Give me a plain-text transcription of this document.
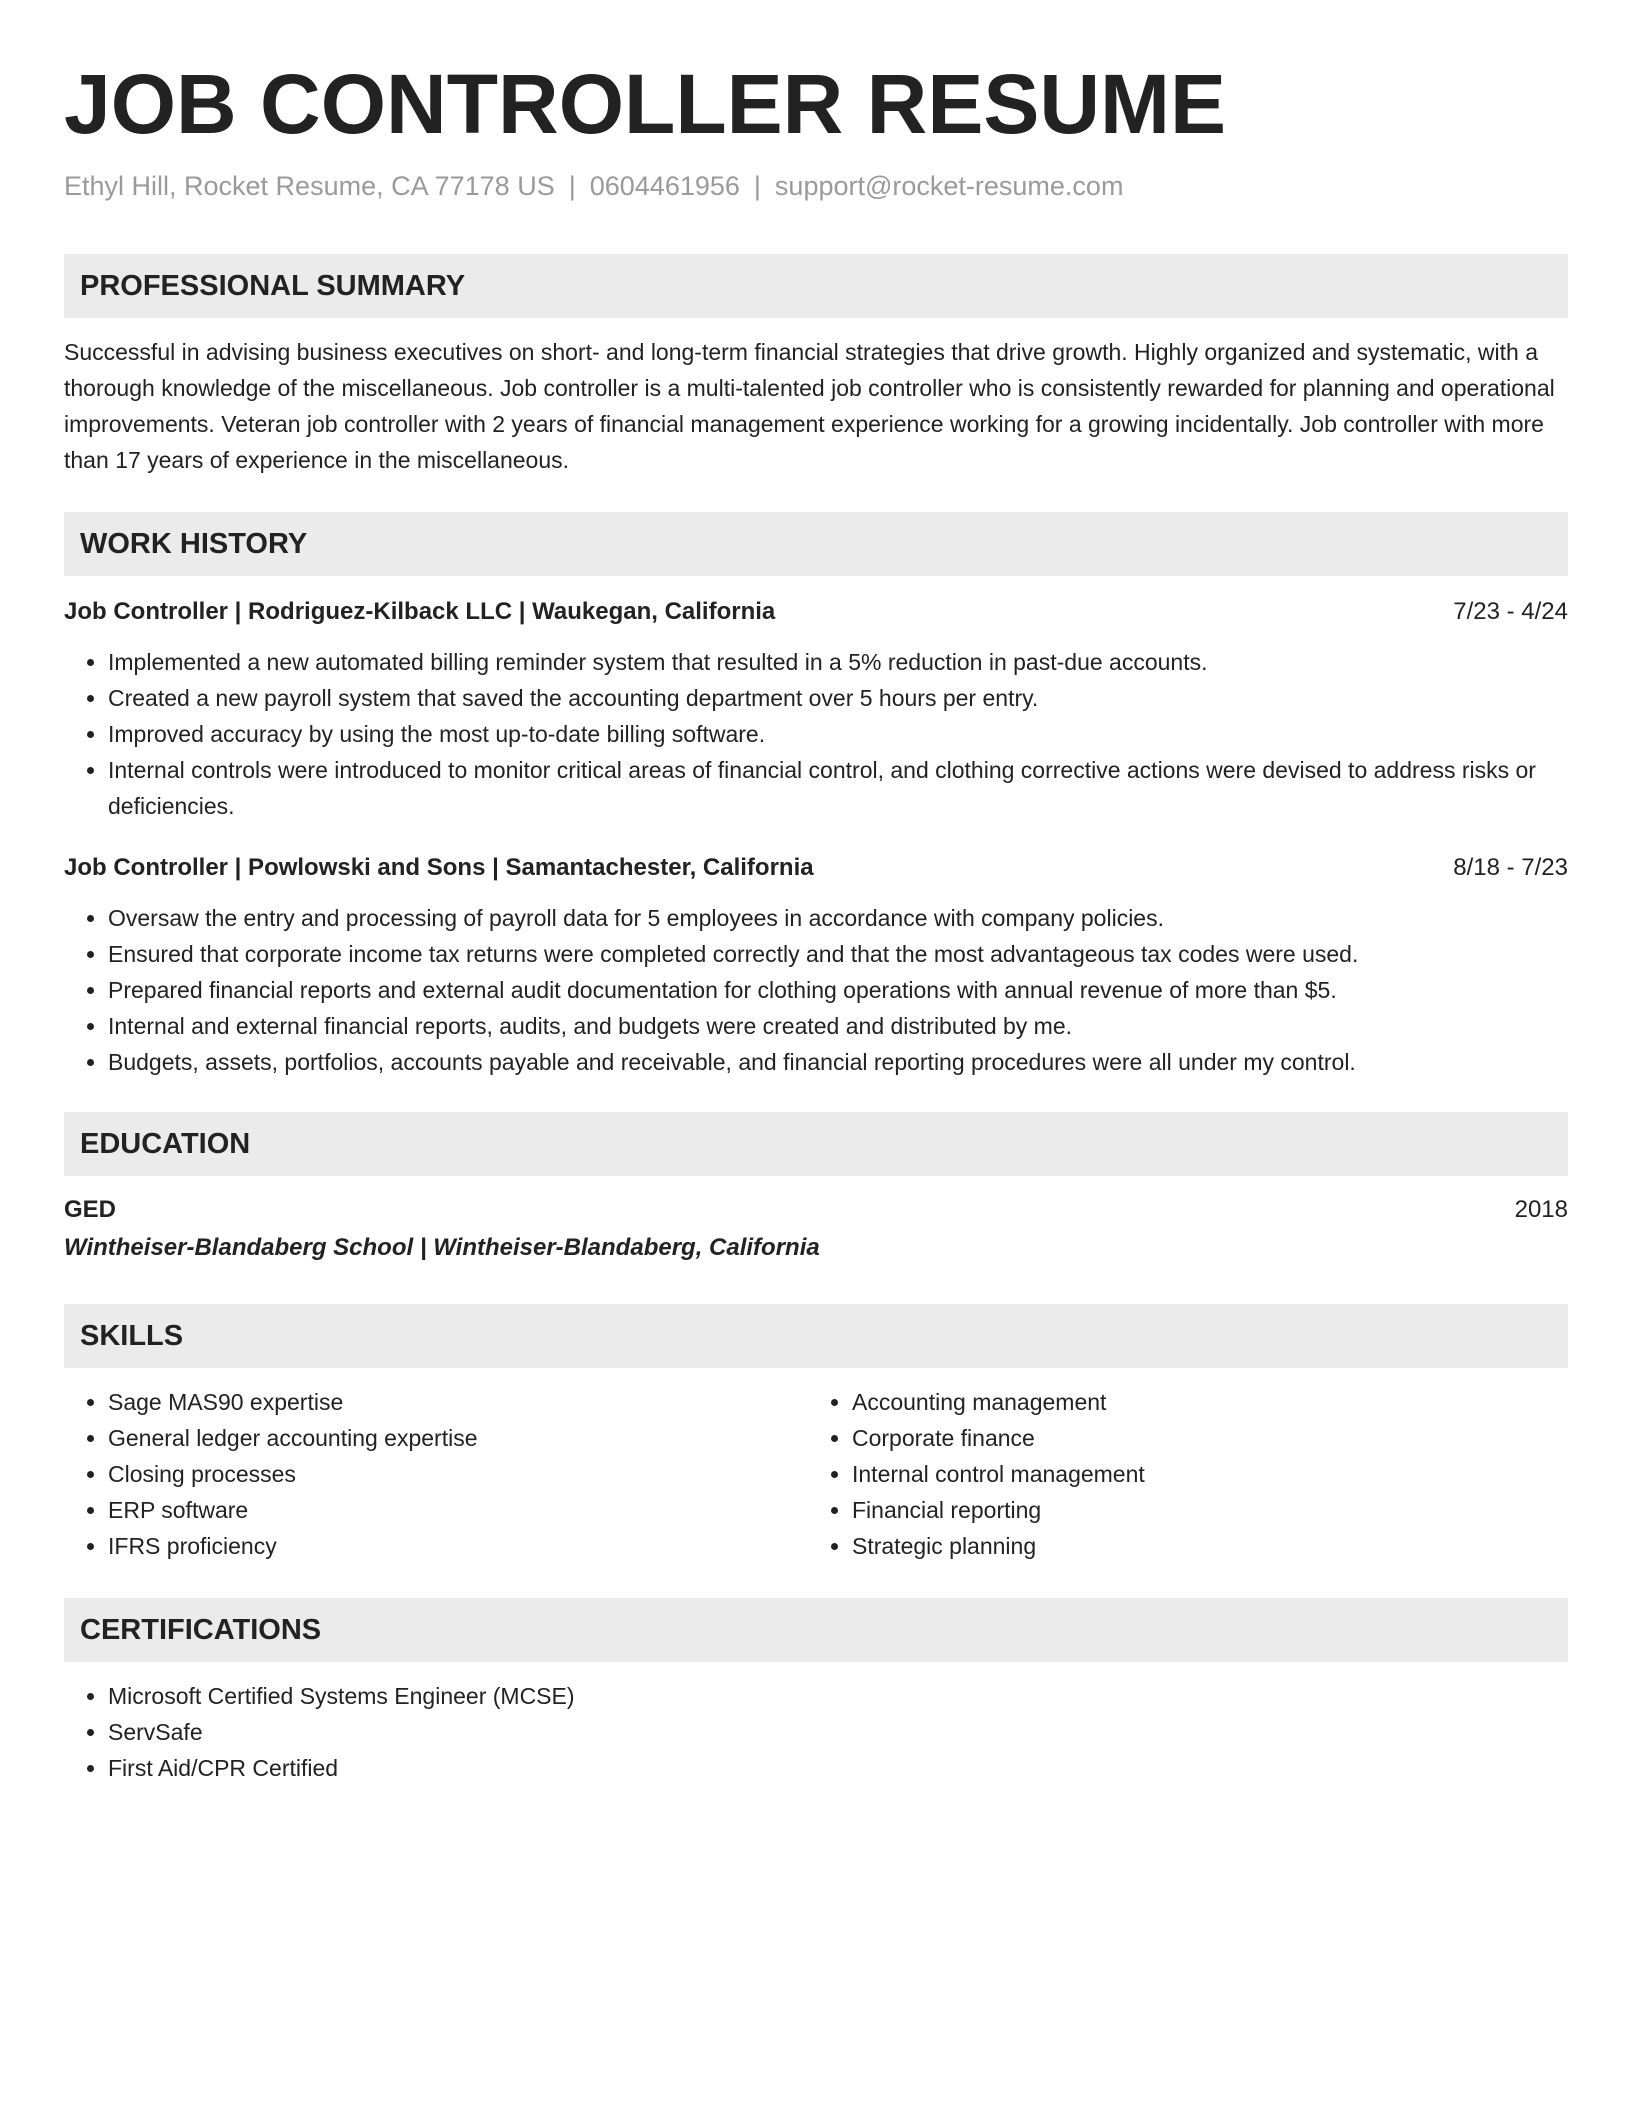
JOB CONTROLLER RESUME
Ethyl Hill, Rocket Resume, CA 77178 US | 0604461956 | support@rocket-resume.com
PROFESSIONAL SUMMARY
Successful in advising business executives on short- and long-term financial strategies that drive growth. Highly organized and systematic, with a thorough knowledge of the miscellaneous. Job controller is a multi-talented job controller who is consistently rewarded for planning and operational improvements. Veteran job controller with 2 years of financial management experience working for a growing incidentally. Job controller with more than 17 years of experience in the miscellaneous.
WORK HISTORY
Job Controller | Rodriguez-Kilback LLC | Waukegan, California	7/23 - 4/24
• Implemented a new automated billing reminder system that resulted in a 5% reduction in past-due accounts.
• Created a new payroll system that saved the accounting department over 5 hours per entry.
• Improved accuracy by using the most up-to-date billing software.
• Internal controls were introduced to monitor critical areas of financial control, and clothing corrective actions were devised to address risks or deficiencies.
Job Controller | Powlowski and Sons | Samantachester, California	8/18 - 7/23
• Oversaw the entry and processing of payroll data for 5 employees in accordance with company policies.
• Ensured that corporate income tax returns were completed correctly and that the most advantageous tax codes were used.
• Prepared financial reports and external audit documentation for clothing operations with annual revenue of more than $5.
• Internal and external financial reports, audits, and budgets were created and distributed by me.
• Budgets, assets, portfolios, accounts payable and receivable, and financial reporting procedures were all under my control.
EDUCATION
GED	2018
Wintheiser-Blandaberg School | Wintheiser-Blandaberg, California
SKILLS
• Sage MAS90 expertise
• General ledger accounting expertise
• Closing processes
• ERP software
• IFRS proficiency
• Accounting management
• Corporate finance
• Internal control management
• Financial reporting
• Strategic planning
CERTIFICATIONS
• Microsoft Certified Systems Engineer (MCSE)
• ServSafe
• First Aid/CPR Certified
